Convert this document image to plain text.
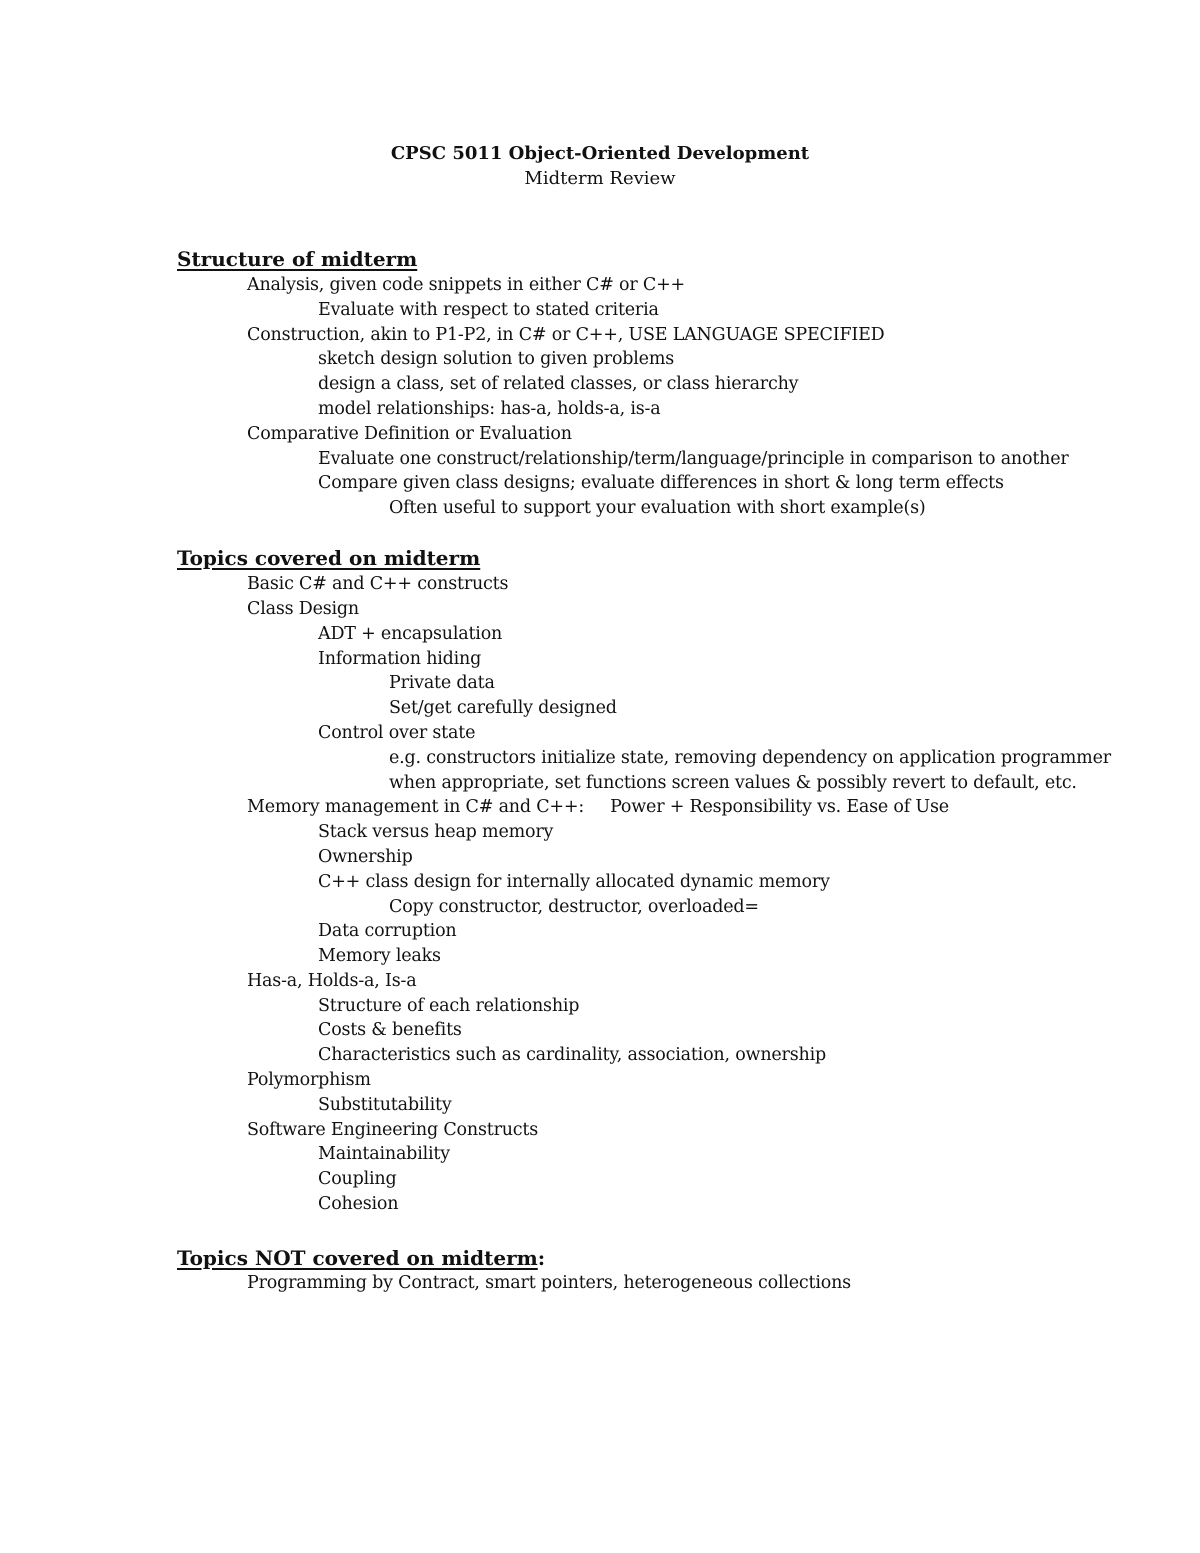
CPSC 5011 Object-Oriented Development
Midterm Review
Structure of midterm
Analysis, given code snippets in either C# or C++
Evaluate with respect to stated criteria
Construction, akin to P1-P2, in C# or C++, USE LANGUAGE SPECIFIED
sketch design solution to given problems
design a class, set of related classes, or class hierarchy
model relationships: has-a, holds-a, is-a
Comparative Definition or Evaluation
Evaluate one construct/relationship/term/language/principle in comparison to another
Compare given class designs; evaluate differences in short & long term effects
Often useful to support your evaluation with short example(s)
Topics covered on midterm
Basic C# and C++ constructs
Class Design
ADT + encapsulation
Information hiding
Private data
Set/get carefully designed
Control over state
e.g. constructors initialize state, removing dependency on application programmer
when appropriate, set functions screen values & possibly revert to default, etc.
Memory management in C# and C++: Power + Responsibility vs. Ease of Use
Stack versus heap memory
Ownership
C++ class design for internally allocated dynamic memory
Copy constructor, destructor, overloaded=
Data corruption
Memory leaks
Has-a, Holds-a, Is-a
Structure of each relationship
Costs & benefits
Characteristics such as cardinality, association, ownership
Polymorphism
Substitutability
Software Engineering Constructs
Maintainability
Coupling
Cohesion
Topics NOT covered on midterm:
Programming by Contract, smart pointers, heterogeneous collections
